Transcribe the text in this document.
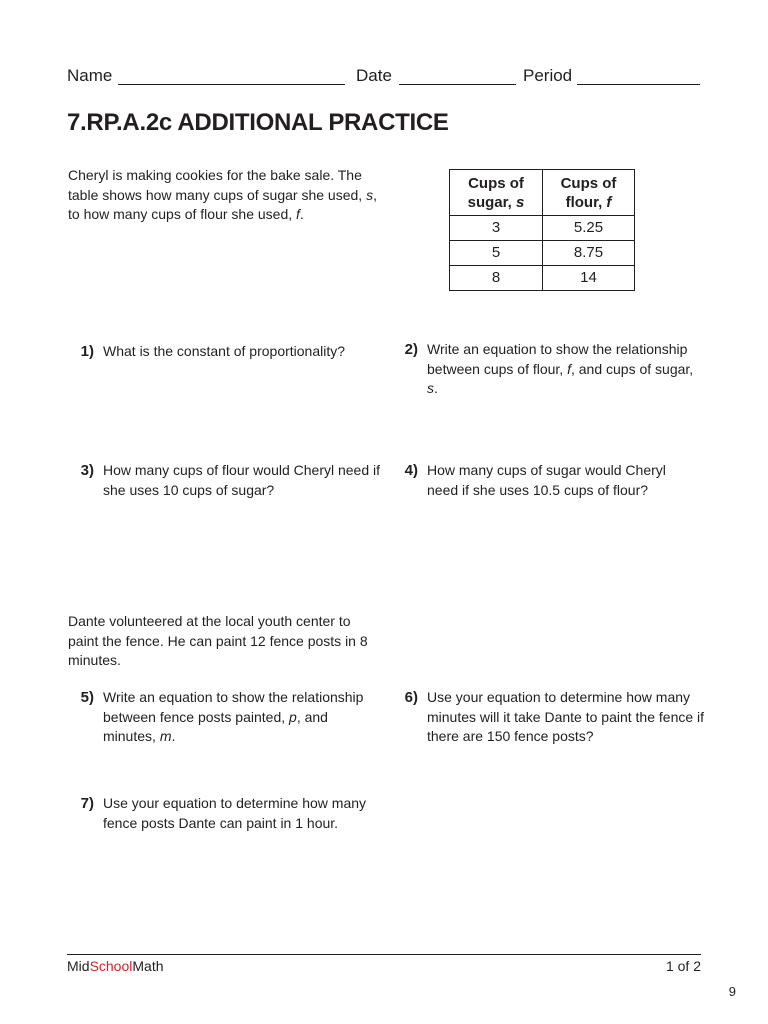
Name	Date	Period
7.RP.A.2c ADDITIONAL PRACTICE
Cheryl is making cookies for the bake sale. The table shows how many cups of sugar she used, s, to how many cups of flour she used, f.
Cups of sugar, s	Cups of flour, f
3	5.25
5	8.75
8	14
1) What is the constant of proportionality?	2) Write an equation to show the relationship between cups of flour, f, and cups of sugar, s.
3) How many cups of flour would Cheryl need if she uses 10 cups of sugar?
4) How many cups of sugar would Cheryl need if she uses 10.5 cups of flour?
Dante volunteered at the local youth center to paint the fence. He can paint 12 fence posts in 8 minutes.
5) Write an equation to show the relationship between fence posts painted, p, and minutes, m.
6) Use your equation to determine how many minutes will it take Dante to paint the fence if there are 150 fence posts?
7) Use your equation to determine how many fence posts Dante can paint in 1 hour.
MidSchoolMath	1 of 2
9
